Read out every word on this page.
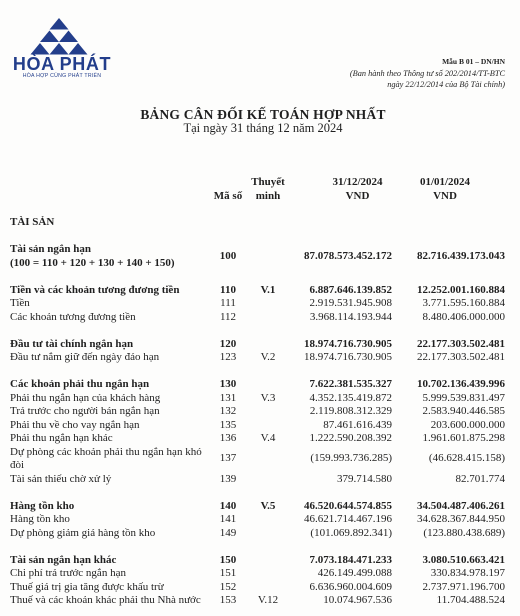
HÒA PHÁT
HÒA HỢP CÙNG PHÁT TRIỂN
Mẫu B 01 – DN/HN
(Ban hành theo Thông tư số 202/2014/TT-BTC
ngày 22/12/2014 của Bộ Tài chính)
BẢNG CÂN ĐỐI KẾ TOÁN HỢP NHẤT
Tại ngày 31 tháng 12 năm 2024
Mã số
Thuyết minh
31/12/2024
VND
01/01/2024
VND
TÀI SẢN
Tài sản ngắn hạn
(100 = 110 + 120 + 130 + 140 + 150)
100	87.078.573.452.172	82.716.439.173.043
Tiền và các khoản tương đương tiền	110	V.1	6.887.646.139.852	12.252.001.160.884
Tiền	111	2.919.531.945.908	3.771.595.160.884
Các khoản tương đương tiền	112	3.968.114.193.944	8.480.406.000.000
Đầu tư tài chính ngắn hạn	120	18.974.716.730.905	22.177.303.502.481
Đầu tư nắm giữ đến ngày đáo hạn	123	V.2	18.974.716.730.905	22.177.303.502.481
Các khoản phải thu ngắn hạn	130	7.622.381.535.327	10.702.136.439.996
Phải thu ngắn hạn của khách hàng	131	V.3	4.352.135.419.872	5.999.539.831.497
Trả trước cho người bán ngắn hạn	132	2.119.808.312.329	2.583.940.446.585
Phải thu về cho vay ngắn hạn	135	87.461.616.439	203.600.000.000
Phải thu ngắn hạn khác	136	V.4	1.222.590.208.392	1.961.601.875.298
Dự phòng các khoản phải thu ngắn hạn khó đòi
137	(159.993.736.285)	(46.628.415.158)
Tài sản thiếu chờ xử lý	139	379.714.580	82.701.774
Hàng tồn kho	140	V.5	46.520.644.574.855	34.504.487.406.261
Hàng tồn kho	141	46.621.714.467.196	34.628.367.844.950
Dự phòng giảm giá hàng tồn kho	149	(101.069.892.341)	(123.880.438.689)
Tài sản ngắn hạn khác	150	7.073.184.471.233	3.080.510.663.421
Chi phí trả trước ngắn hạn	151	426.149.499.088	330.834.978.197
Thuế giá trị gia tăng được khấu trừ	152	6.636.960.004.609	2.737.971.196.700
Thuế và các khoản khác phải thu Nhà nước	153	V.12	10.074.967.536	11.704.488.524
